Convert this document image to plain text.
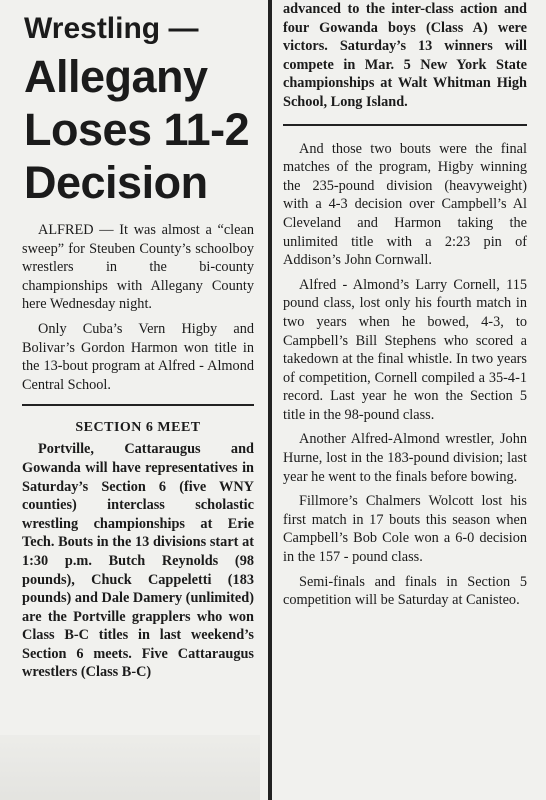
Wrestling —
Allegany
Loses 11-2
Decision

ALFRED — It was almost a “clean sweep” for Steuben County’s schoolboy wrestlers in the bi-county championships with Allegany County here Wednesday night.

Only Cuba’s Vern Higby and Bolivar’s Gordon Harmon won title in the 13-bout program at Alfred - Almond Central School.

SECTION 6 MEET

Portville, Cattaraugus and Gowanda will have representatives in Saturday’s Section 6 (five WNY counties) interclass scholastic wrestling championships at Erie Tech. Bouts in the 13 divisions start at 1:30 p.m. Butch Reynolds (98 pounds), Chuck Cappeletti (183 pounds) and Dale Damery (unlimited) are the Portville grapplers who won Class B-C titles in last weekend’s Section 6 meets. Five Cattaraugus wrestlers (Class B-C)

advanced to the inter-class action and four Gowanda boys (Class A) were victors. Saturday’s 13 winners will compete in Mar. 5 New York State championships at Walt Whitman High School, Long Island.

And those two bouts were the final matches of the program, Higby winning the 235-pound division (heavyweight) with a 4-3 decision over Campbell’s Al Cleveland and Harmon taking the unlimited title with a 2:23 pin of Addison’s John Cornwall.

Alfred - Almond’s Larry Cornell, 115 pound class, lost only his fourth match in two years when he bowed, 4-3, to Campbell’s Bill Stephens who scored a takedown at the final whistle. In two years of competition, Cornell compiled a 35-4-1 record. Last year he won the Section 5 title in the 98-pound class.

Another Alfred-Almond wrestler, John Hurne, lost in the 183-pound division; last year he went to the finals before bowing.

Fillmore’s Chalmers Wolcott lost his first match in 17 bouts this season when Campbell’s Bob Cole won a 6-0 decision in the 157 - pound class.

Semi-finals and finals in Section 5 competition will be Saturday at Canisteo.
